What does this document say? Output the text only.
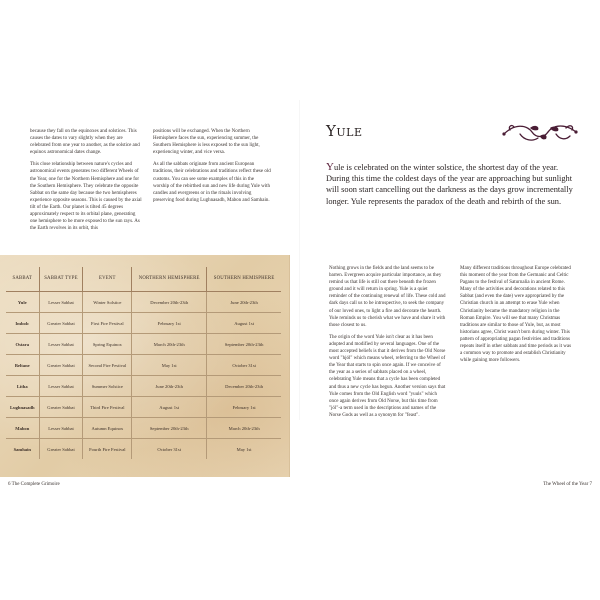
because they fall on the equinoxes and solstices. This causes the dates to vary slightly when they are celebrated from one year to another, as the solstice and equinox astronomical dates change.

This close relationship between nature's cycles and astronomical events generates two different Wheels of the Year, one for the Northern Hemisphere and one for the Southern Hemisphere. They celebrate the opposite Sabbat on the same day because the two hemispheres experience opposite seasons. This is caused by the axial tilt of the Earth. Our planet is tilted 45 degrees approximately respect to its orbital plane, generating one hemisphere to be more exposed to the sun rays. As the Earth revolves in its orbit, this

positions will be exchanged. When the Northern Hemisphere faces the sun, experiencing summer, the Southern Hemisphere is less exposed to the sun light, experiencing winter, and vice versa.

As all the sabbats originate from ancient European traditions, their celebrations and traditions reflect these old customs. You can see some examples of this in the worship of the rebirthed sun and new life during Yule with candles and evergreens or in the rituals involving preserving food during Lughnasadh, Mabon and Samhain.

SABBAT	SABBAT TYPE	EVENT	NORTHERN HEMISPHERE	SOUTHERN HEMISPHERE
Yule	Lesser Sabbat	Winter Solstice	December 20th-23th	June 20th-23th
Imbolc	Greater Sabbat	First Fire Festival	February 1st	August 1st
Ostara	Lesser Sabbat	Spring Equinox	March 20th-23th	September 20th-23th
Beltane	Greater Sabbat	Second Fire Festival	May 1st	October 31st
Litha	Lesser Sabbat	Summer Solstice	June 20th-23th	December 20th-23th
Lughnasadh	Greater Sabbat	Third Fire Festival	August 1st	February 1st
Mabon	Lesser Sabbat	Autumn Equinox	September 20th-23th	March 20th-23th
Samhain	Greater Sabbat	Fourth Fire Festival	October 31st	May 1st
6 The Complete Grimoire
Yule
Yule is celebrated on the winter solstice, the shortest day of the year. During this time the coldest days of the year are approaching but sunlight will soon start cancelling out the darkness as the days grow incrementally longer. Yule represents the paradox of the death and rebirth of the sun.

Nothing grows in the fields and the land seems to be barren. Evergreen acquire particular importance, as they remind us that life is still out there beneath the frozen ground and it will return in spring. Yule is a quiet reminder of the continuing renewal of life. These cold and dark days call us to be introspective, to seek the company of our loved ones, to light a fire and decorate the hearth. Yule reminds us to cherish what we have and share it with those closest to us.

The origin of the word Yule isn't clear as it has been adopted and modified by several languages. One of the most accepted beliefs is that it derives from the Old Norse word "hjól" which means wheel, referring to the Wheel of the Year that starts to spin once again. If we conceive of the year as a series of sabbats placed on a wheel, celebrating Yule means that a cycle has been completed and thus a new cycle has begun. Another version says that Yule comes from the Old English word "yuuls" which once again derives from Old Norse, but this time from "jól"-a term used in the descriptions and names of the Norse Gods as well as a synonym for "feast".

Many different traditions throughout Europe celebrated this moment of the year from the Germanic and Celtic Pagans to the festival of Saturnalia in ancient Rome. Many of the activities and decorations related to this Sabbat (and even the date) were appropriated by the Christian church in an attempt to erase Yule when Christianity became the mandatory religion in the Roman Empire. You will see that many Christmas traditions are similar to those of Yule, but, as most historians agree, Christ wasn't born during winter. This pattern of appropriating pagan festivities and traditions repeats itself in other sabbats and time periods as it was a common way to promote and establish Christianity while gaining more followers.

The Wheel of the Year 7
